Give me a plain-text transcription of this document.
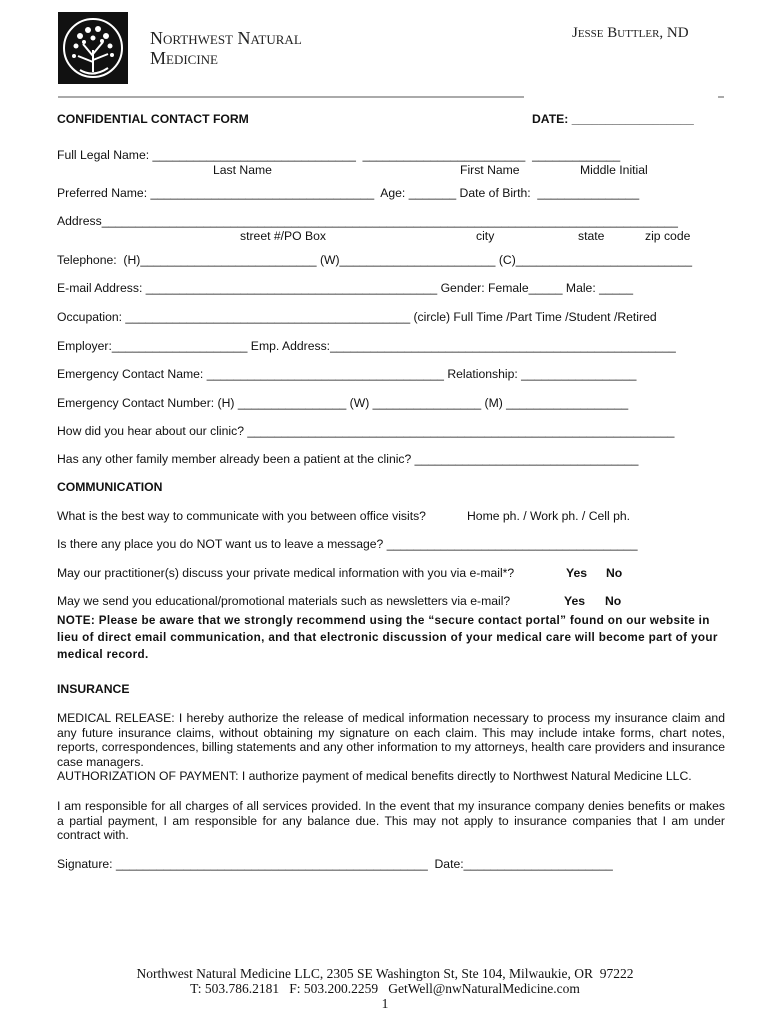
Northwest Natural
Medicine
Jesse Buttler, ND
CONFIDENTIAL CONTACT FORM	DATE: __________________
Full Legal Name: ______________________________  ________________________  _____________
Last Name	First Name	Middle Initial
Preferred Name: _________________________________  Age: _______ Date of Birth:  _______________
Address_____________________________________________________________________________________
street #/PO Box	city	state	zip code
Telephone:  (H)__________________________ (W)_______________________ (C)__________________________
E-mail Address: ___________________________________________ Gender: Female_____ Male: _____
Occupation: __________________________________________ (circle) Full Time /Part Time /Student /Retired
Employer:____________________ Emp. Address:___________________________________________________
Emergency Contact Name: ___________________________________ Relationship: _________________
Emergency Contact Number: (H) ________________ (W) ________________ (M) __________________
How did you hear about our clinic? _______________________________________________________________
Has any other family member already been a patient at the clinic? _________________________________
COMMUNICATION
What is the best way to communicate with you between office visits?	Home ph. / Work ph. / Cell ph.
Is there any place you do NOT want us to leave a message? _____________________________________
May our practitioner(s) discuss your private medical information with you via e-mail*?	Yes No
May we send you educational/promotional materials such as newsletters via e-mail?	Yes No
NOTE: Please be aware that we strongly recommend using the “secure contact portal” found on our website in lieu of direct email communication, and that electronic discussion of your medical care will become part of your medical record.
INSURANCE
MEDICAL RELEASE: I hereby authorize the release of medical information necessary to process my insurance claim and any future insurance claims, without obtaining my signature on each claim. This may include intake forms, chart notes, reports, correspondences, billing statements and any other information to my attorneys, health care providers and insurance case managers.
AUTHORIZATION OF PAYMENT: I authorize payment of medical benefits directly to Northwest Natural Medicine LLC.
I am responsible for all charges of all services provided. In the event that my insurance company denies benefits or makes a partial payment, I am responsible for any balance due. This may not apply to insurance companies that I am under contract with.
Signature: ______________________________________________  Date:______________________
Northwest Natural Medicine LLC, 2305 SE Washington St, Ste 104, Milwaukie, OR  97222
T: 503.786.2181   F: 503.200.2259   GetWell@nwNaturalMedicine.com
1
